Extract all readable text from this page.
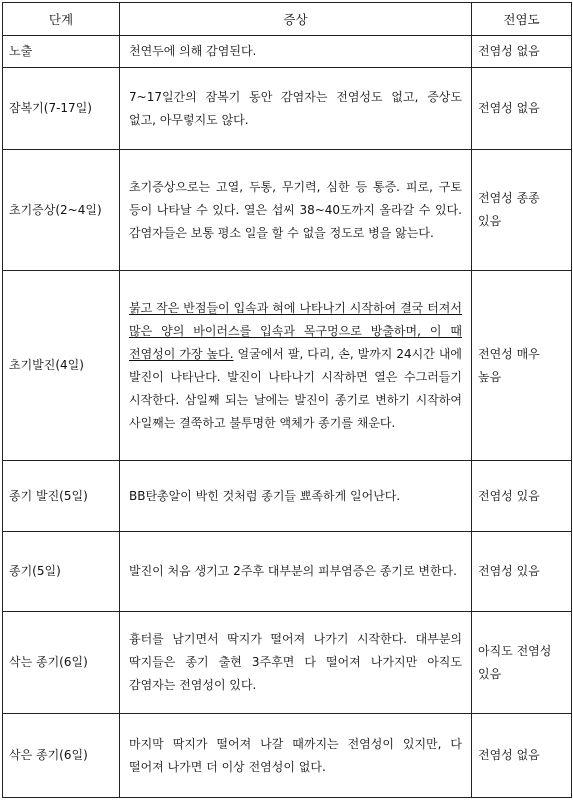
단계	증상	전염도
노출	천연두에 의해 감염된다.	전염성 없음
잠복기(7-17일)	7~17일간의 잠복기 동안 감염자는 전염성도 없고, 증상도 없고, 아무렇지도 않다.	전염성 없음
초기증상(2~4일)	초기증상으로는 고열, 두통, 무기력, 심한 등 통증. 피로, 구토 등이 나타날 수 있다. 열은 섭씨 38~40도까지 올라갈 수 있다. 감염자들은 보통 평소 일을 할 수 없을 정도로 병을 앓는다.	전염성 종종 있음
초기발진(4일)	붉고 작은 반점들이 입속과 혀에 나타나기 시작하여 결국 터져서 많은 양의 바이러스를 입속과 목구멍으로 방출하며, 이 때 전염성이 가장 높다. 얼굴에서 팔, 다리, 손, 발까지 24시간 내에 발진이 나타난다. 발진이 나타나기 시작하면 열은 수그러들기 시작한다. 삼일째 되는 날에는 발진이 종기로 변하기 시작하여 사일째는 결쭉하고 불투명한 액체가 종기를 채운다.	전연성 매우 높음
종기 발진(5일)	BB탄총알이 박힌 것처럼 종기들 뾰족하게 일어난다.	전염성 있음
종기(5일)	발진이 처음 생기고 2주후 대부분의 피부염증은 종기로 변한다.	전염성 있음
삭는 종기(6일)	흉터를 남기면서 딱지가 떨어져 나가기 시작한다. 대부분의 딱지들은 종기 출현 3주후면 다 떨어져 나가지만 아직도 감염자는 전염성이 있다.	아직도 전염성 있음
삭은 종기(6일)	마지막 딱지가 떨어져 나갈 때까지는 전염성이 있지만, 다 떨어져 나가면 더 이상 전염성이 없다.	전염성 없음
